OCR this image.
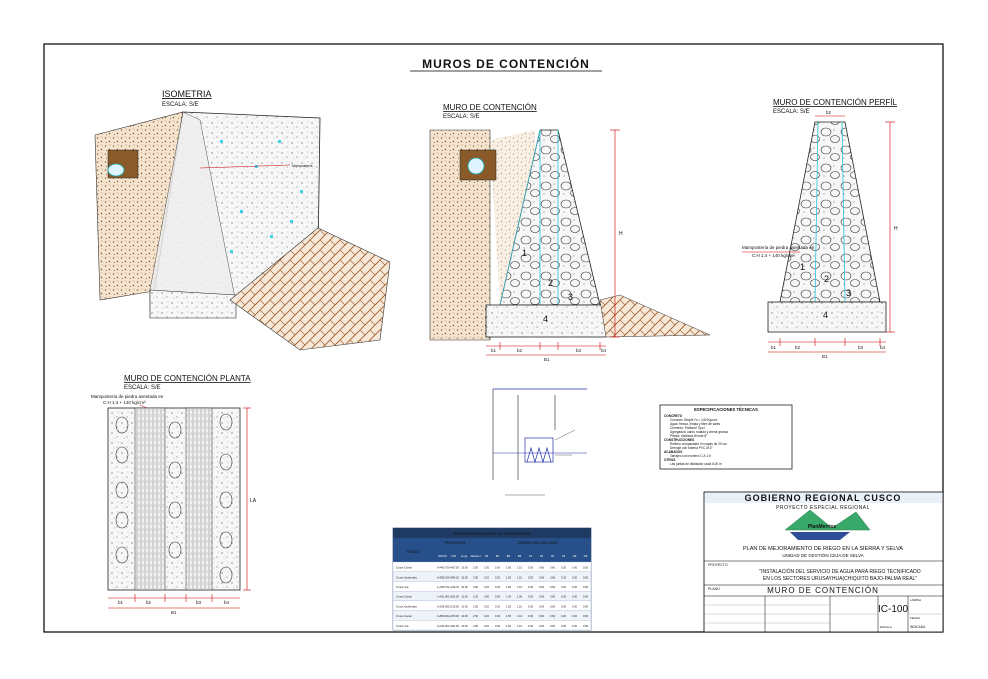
MUROS DE CONTENCIÓN
ISOMETRIA
ESCALA: S/E
Mampostería
MURO DE CONTENCIÓN
ESCALA: S/E
1
2
3
4
H
b1	b2	b3	b4
B1
MURO DE CONTENCIÓN PERFÍL
ESCALA: S/E
1
2
3
4
H
b2
b1	b2	b3	b4
B1
Mampostería de piedra asentada en
C:H 1:4 + 140 kg/cm²
MURO DE CONTENCIÓN PLANTA
ESCALA: S/E
Mampostería de piedra asentada en
C:H 1:4 + 140 kg/cm²
LA
b1	b2	b3	b4
B1
ESPECIFICACIONES TÉCNICAS
CONCRETO
Concreto Simple f'c = 140 Kg/cm²
Agua: fresca, limpia y libre de sales
Cemento: Portland Tipo I
Agregados: canto rodado y arena gruesa
Piedra: mediana Ø máx 8"
CONSTRUCCIONES
Relleno compactado en capas de 20 cm
Drenaje con tubería PVC Ø 3"
ACABADOS
Tarrajeo con mortero C:A 1:5
OTROS
Las juntas de dilatación cada 6.00 m
RESUMEN DE MUROS DE CONTENCIÓN
TRAMO
PROGRESIVA	DIMENSIONES DEL MURO
INICIO FIN Long. Altura H H1	B1	B2	B3	b1	b2	b3	b4	H2	H3
Cruce Canal	0+442.70 0+457.50 15.00 2.50 3.20 0.30 1.50 1.10 0.30 0.60 0.60 0.20 0.30 0.50
Cruce Quebrada	0+895.20 0+905.20 10.00 2.50 3.20 0.30 1.50 1.10 0.30 0.60 0.60 0.20 0.30 0.50
Cruce Vía	1+290.70 1+310.70 20.00 2.80 3.20 0.30 1.50 1.10 0.30 0.60 0.60 0.20 0.30 0.50
Cruce Canal	1+811.00 1+822.00 11.00 2.20 3.00 0.30 1.40 1.00 0.30 0.60 0.60 0.20 0.30 0.50
Cruce Quebrada	2+205.00 2+215.00 10.00 2.50 3.20 0.30 1.50 1.10 0.30 0.60 0.60 0.20 0.30 0.50
Cruce Canal	2+860.00 2+870.00 10.00 2.50 3.20 0.30 1.50 1.10 0.30 0.60 0.60 0.20 0.30 0.50
Cruce Vía	3+441.00 3+451.00 10.00 2.50 3.20 0.30 1.50 1.10 0.30 0.60 0.60 0.20 0.30 0.50
GOBIERNO REGIONAL CUSCO
PROYECTO ESPECIAL REGIONAL
PlanMerriss
PLAN DE MEJORAMIENTO DE RIEGO EN LA SIERRA Y SELVA
UNIDAD DE GESTIÓN CEJA DE SELVA
PROYECTO
"INSTALACIÓN DEL SERVICIO DE AGUA PARA RIEGO TECNIFICADO
EN LOS SECTORES URUSAYHUA(CHIQUITO BAJO-PALMA REAL"
PLANO	MURO DE CONTENCIÓN
IC-100
LÁMINA
FECHA
ESCALA	INDICADA
